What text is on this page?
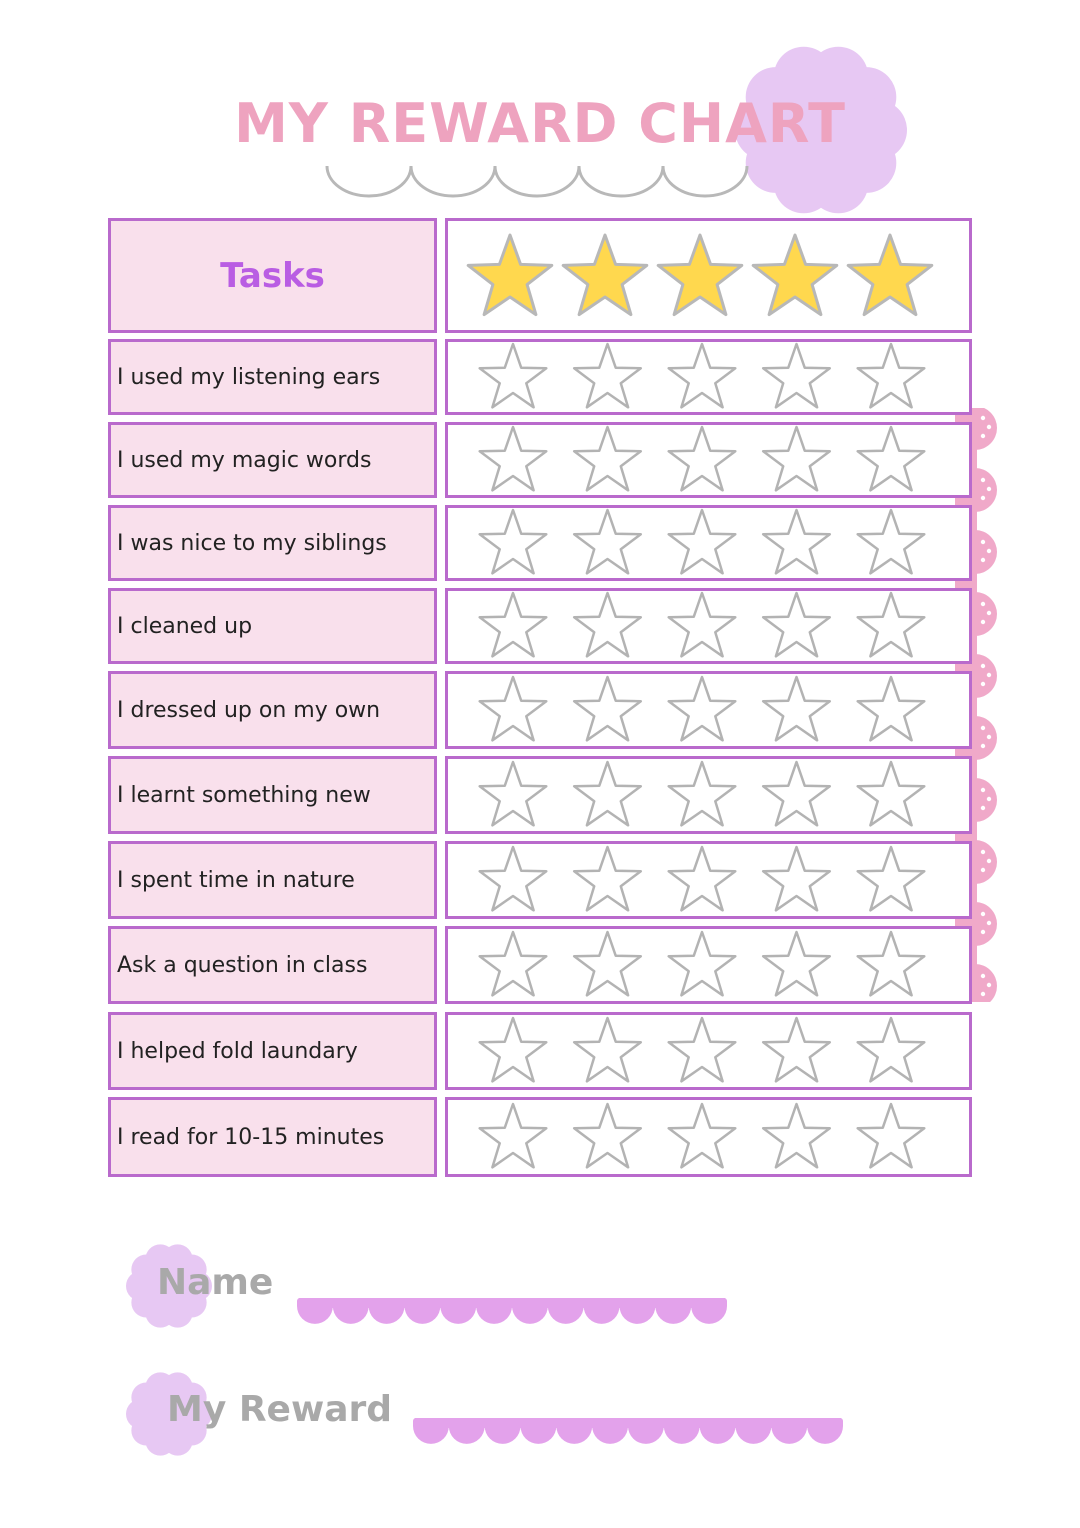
MY REWARD CHART
Tasks
I used my listening ears
I used my magic words
I was nice to my siblings
I cleaned up
I dressed up on my own
I learnt something new
I spent time in nature
Ask a question in class
I helped fold laundary
I read for 10-15 minutes
Name
My Reward
